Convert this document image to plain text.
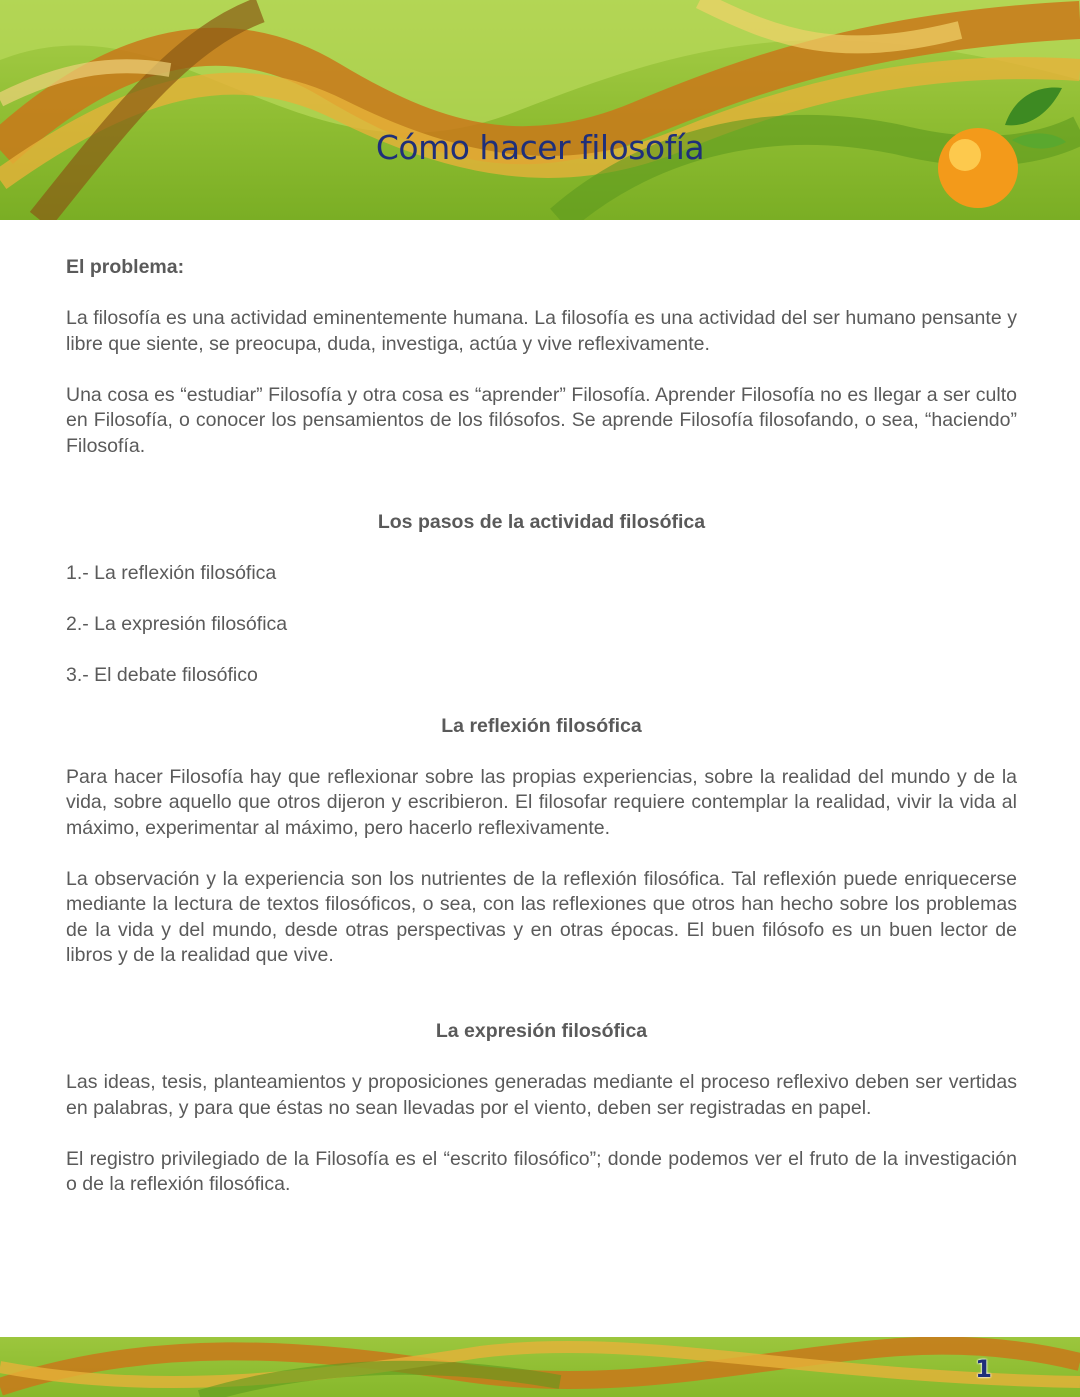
Cómo hacer filosofía

El problema:

La filosofía es una actividad eminentemente humana. La filosofía es una actividad del ser humano pensante y libre que siente, se preocupa, duda, investiga, actúa y vive reflexivamente.

Una cosa es “estudiar” Filosofía y otra cosa es “aprender” Filosofía. Aprender Filosofía no es llegar a ser culto en Filosofía, o conocer los pensamientos de los filósofos. Se aprende Filosofía filosofando, o sea, “haciendo” Filosofía.

Los pasos de la actividad filosófica

1.- La reflexión filosófica

2.- La expresión filosófica

3.- El debate filosófico

La reflexión filosófica

Para hacer Filosofía hay que reflexionar sobre las propias experiencias, sobre la realidad del mundo y de la vida, sobre aquello que otros dijeron y escribieron. El filosofar requiere contemplar la realidad, vivir la vida al máximo, experimentar al máximo, pero hacerlo reflexivamente.

La observación y la experiencia son los nutrientes de la reflexión filosófica. Tal reflexión puede enriquecerse mediante la lectura de textos filosóficos, o sea, con las reflexiones que otros han hecho sobre los problemas de la vida y del mundo, desde otras perspectivas y en otras épocas. El buen filósofo es un buen lector de libros y de la realidad que vive.

La expresión filosófica

Las ideas, tesis, planteamientos y proposiciones generadas mediante el proceso reflexivo deben ser vertidas en palabras, y para que éstas no sean llevadas por el viento, deben ser registradas en papel.

El registro privilegiado de la Filosofía es el “escrito filosófico”; donde podemos ver el fruto de la investigación o de la reflexión filosófica.

1
